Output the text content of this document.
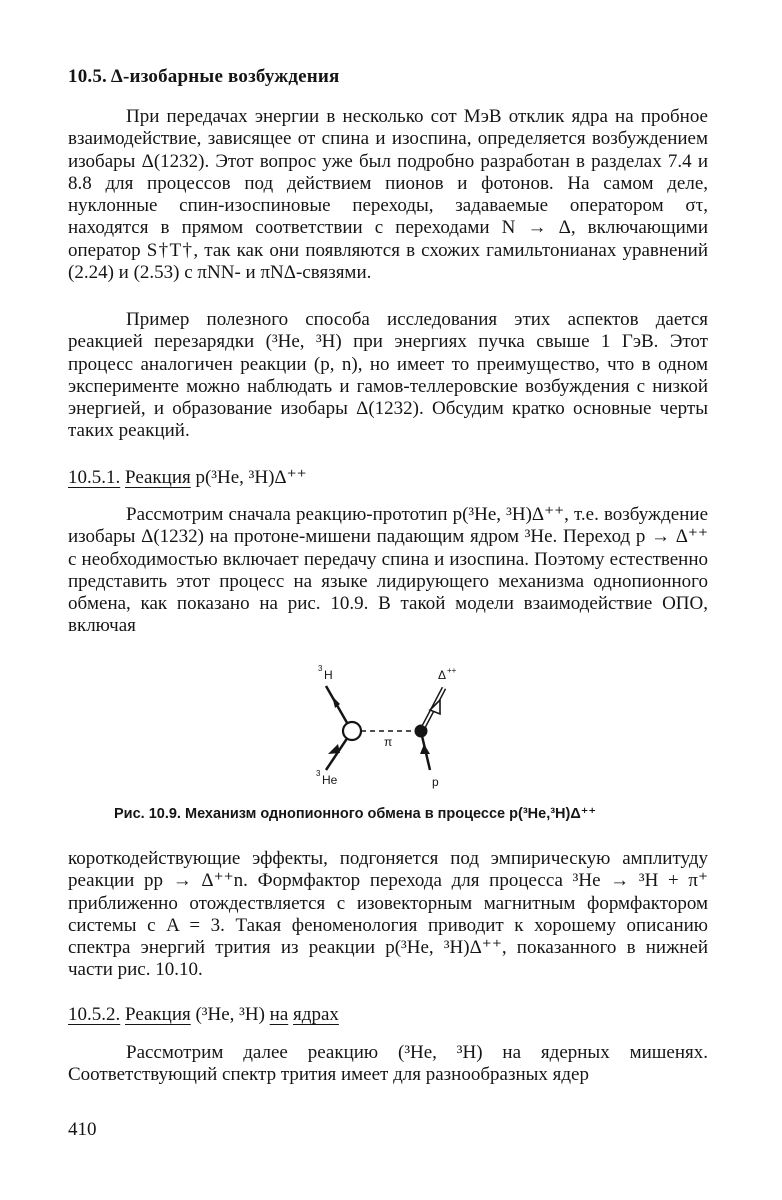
10.5. Δ-изобарные возбуждения

При передачах энергии в несколько сот МэВ отклик ядра на пробное взаимодействие, зависящее от спина и изоспина, определяется возбуждением изобары Δ(1232). Этот вопрос уже был подробно разработан в разделах 7.4 и 8.8 для процессов под действием пионов и фотонов. На самом деле, нуклонные спин-изоспиновые переходы, задаваемые оператором στ, находятся в прямом соответствии с переходами N → Δ, включающими оператор S†T†, так как они появляются в схожих гамильтонианах уравнений (2.24) и (2.53) с πNN- и πNΔ-связями.

Пример полезного способа исследования этих аспектов дается реакцией перезарядки (³He, ³H) при энергиях пучка свыше 1 ГэВ. Этот процесс аналогичен реакции (p, n), но имеет то преимущество, что в одном эксперименте можно наблюдать и гамов-теллеровские возбуждения с низкой энергией, и образование изобары Δ(1232). Обсудим кратко основные черты таких реакций.

10.5.1. Реакция p(³He, ³H)Δ⁺⁺

Рассмотрим сначала реакцию-прототип p(³He, ³H)Δ⁺⁺, т.е. возбуждение изобары Δ(1232) на протоне-мишени падающим ядром ³He. Переход p → Δ⁺⁺ с необходимостью включает передачу спина и изоспина. Поэтому естественно представить этот процесс на языке лидирующего механизма однопионного обмена, как показано на рис. 10.9. В такой модели взаимодействие ОПО, включая

3 H	Δ ++
π
3 He	p
Рис. 10.9. Механизм однопионного обмена в процессе p(³He,³H)Δ⁺⁺

короткодействующие эффекты, подгоняется под эмпирическую амплитуду реакции pp → Δ⁺⁺n. Формфактор перехода для процесса ³He → ³H + π⁺ приближенно отождествляется с изовекторным магнитным формфактором системы с A = 3. Такая феноменология приводит к хорошему описанию спектра энергий трития из реакции p(³He, ³H)Δ⁺⁺, показанного в нижней части рис. 10.10.

10.5.2. Реакция (³He, ³H) на ядрах

Рассмотрим далее реакцию (³He, ³H) на ядерных мишенях. Соответствующий спектр трития имеет для разнообразных ядер

410
